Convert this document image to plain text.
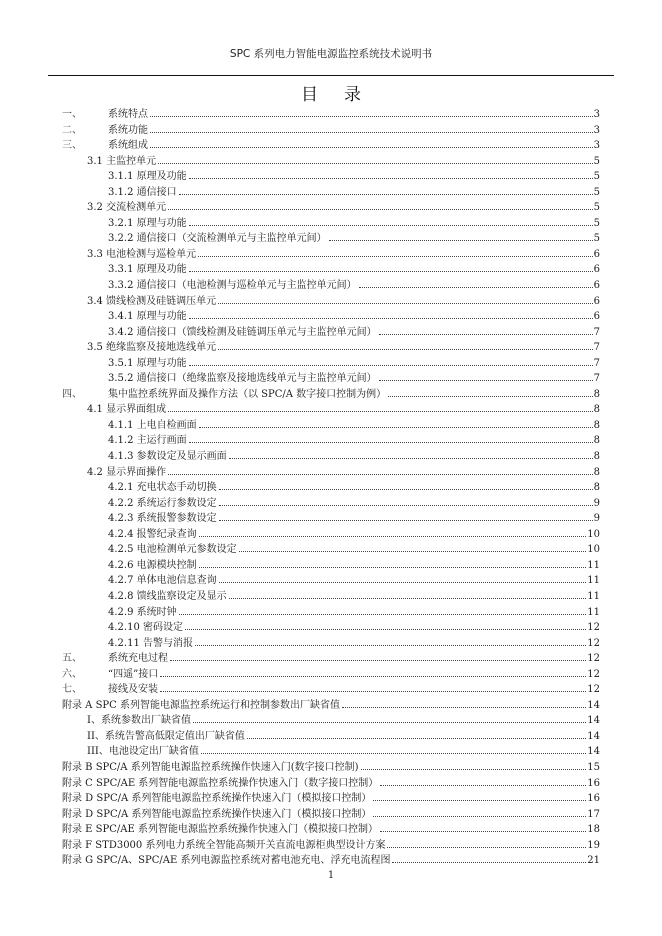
SPC 系列电力智能电源监控系统技术说明书
目录
一、	系统特点	3
二、	系统功能	3
三、	系统组成	3
3.1 主监控单元	5
3.1.1 原理及功能	5
3.1.2 通信接口	5
3.2 交流检测单元	5
3.2.1 原理与功能	5
3.2.2 通信接口（交流检测单元与主监控单元间）	5
3.3 电池检测与巡检单元	6
3.3.1 原理及功能	6
3.3.2 通信接口（电池检测与巡检单元与主监控单元间）	6
3.4 馈线检测及硅链调压单元	6
3.4.1 原理与功能	6
3.4.2 通信接口（馈线检测及硅链调压单元与主监控单元间）	7
3.5 绝缘监察及接地选线单元	7
3.5.1 原理与功能	7
3.5.2 通信接口（绝缘监察及接地选线单元与主监控单元间）	7
四、	集中监控系统界面及操作方法（以 SPC/A 数字接口控制为例）	8
4.1 显示界面组成	8
4.1.1 上电自检画面	8
4.1.2 主运行画面	8
4.1.3 参数设定及显示画面	8
4.2 显示界面操作	8
4.2.1 充电状态手动切换	8
4.2.2 系统运行参数设定	9
4.2.3 系统报警参数设定	9
4.2.4 报警纪录查询	10
4.2.5 电池检测单元参数设定	10
4.2.6 电源模块控制	11
4.2.7 单体电池信息查询	11
4.2.8 馈线监察设定及显示	11
4.2.9 系统时钟	11
4.2.10 密码设定	12
4.2.11 告警与消报	12
五、	系统充电过程	12
六、	“四遥”接口	12
七、	接线及安装	12
附录 A SPC 系列智能电源监控系统运行和控制参数出厂缺省值	14
I、系统参数出厂缺省值	14
II、系统告警高低限定值出厂缺省值	14
III、电池设定出厂缺省值	14
附录 B SPC/A 系列智能电源监控系统操作快速入门(数字接口控制)	15
附录 C SPC/AE 系列智能电源监控系统操作快速入门（数字接口控制）	16
附录 D SPC/A 系列智能电源监控系统操作快速入门（模拟接口控制）	16
附录 D SPC/A 系列智能电源监控系统操作快速入门（模拟接口控制）	17
附录 E SPC/AE 系列智能电源监控系统操作快速入门（模拟接口控制）	18
附录 F STD3000 系列电力系统全智能高频开关直流电源柜典型设计方案	19
附录 G SPC/A、SPC/AE 系列电源监控系统对蓄电池充电、浮充电流程图	21
1
